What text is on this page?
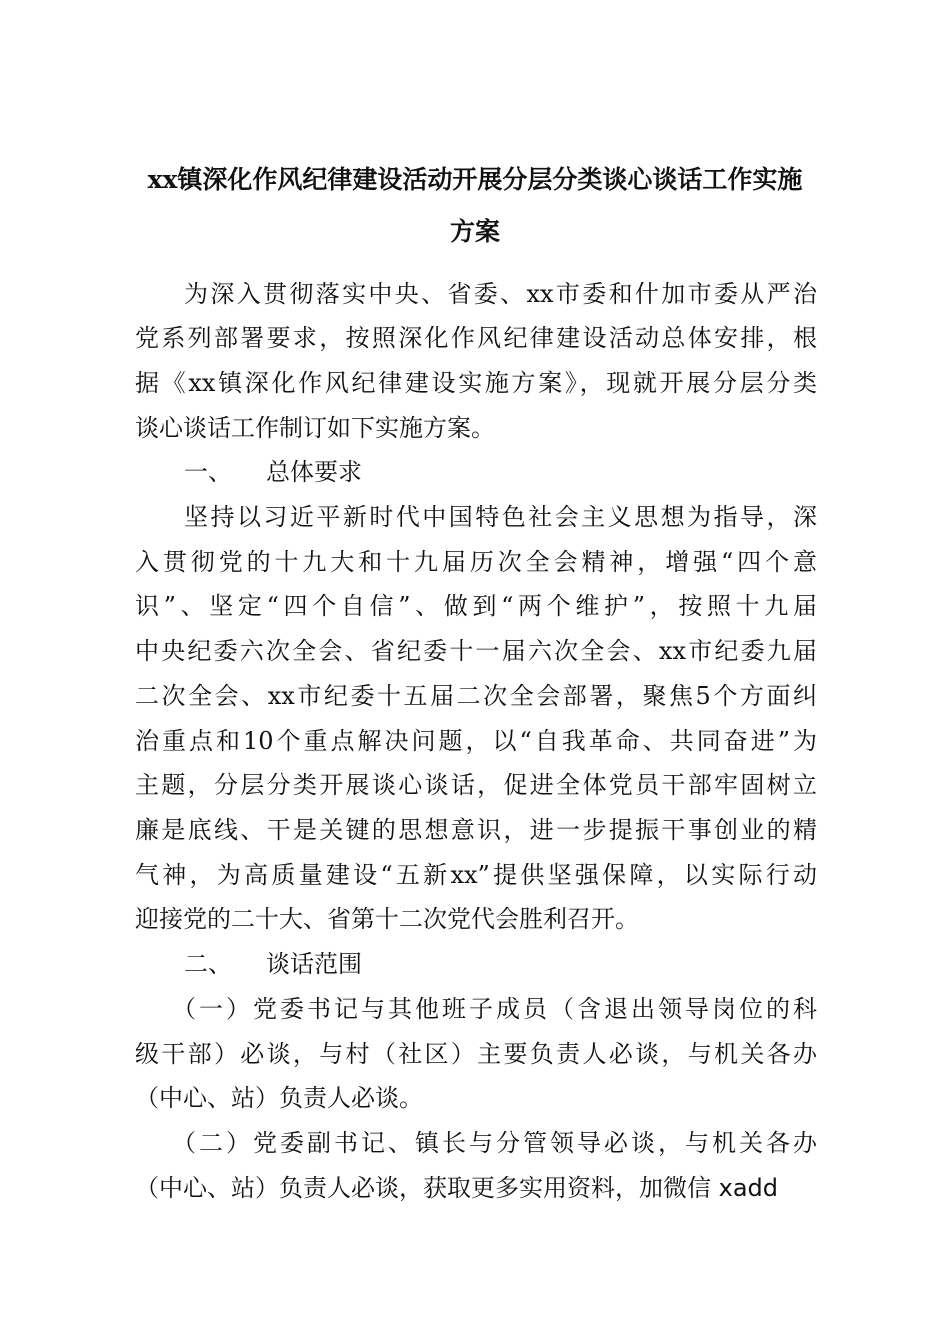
xx镇深化作风纪律建设活动开展分层分类谈心谈话工作实施
方案
为深入贯彻落实中央、省委、xx市委和什加市委从严治
党系列部署要求，按照深化作风纪律建设活动总体安排，根
据《xx镇深化作风纪律建设实施方案》，现就开展分层分类
谈心谈话工作制订如下实施方案。
一、 总体要求
坚持以习近平新时代中国特色社会主义思想为指导，深
入贯彻党的十九大和十九届历次全会精神，增强“四个意
识”、坚定“四个自信”、做到“两个维护”，按照十九届
中央纪委六次全会、省纪委十一届六次全会、xx市纪委九届
二次全会、xx市纪委十五届二次全会部署，聚焦5个方面纠
治重点和10个重点解决问题，以“自我革命、共同奋进”为
主题，分层分类开展谈心谈话，促进全体党员干部牢固树立
廉是底线、干是关键的思想意识，进一步提振干事创业的精
气神，为高质量建设“五新xx”提供坚强保障，以实际行动
迎接党的二十大、省第十二次党代会胜利召开。
二、 谈话范围
（一）党委书记与其他班子成员（含退出领导岗位的科
级干部）必谈，与村（社区）主要负责人必谈，与机关各办
（中心、站）负责人必谈。
（二）党委副书记、镇长与分管领导必谈，与机关各办
（中心、站）负责人必谈，获取更多实用资料，加微信 xadd
